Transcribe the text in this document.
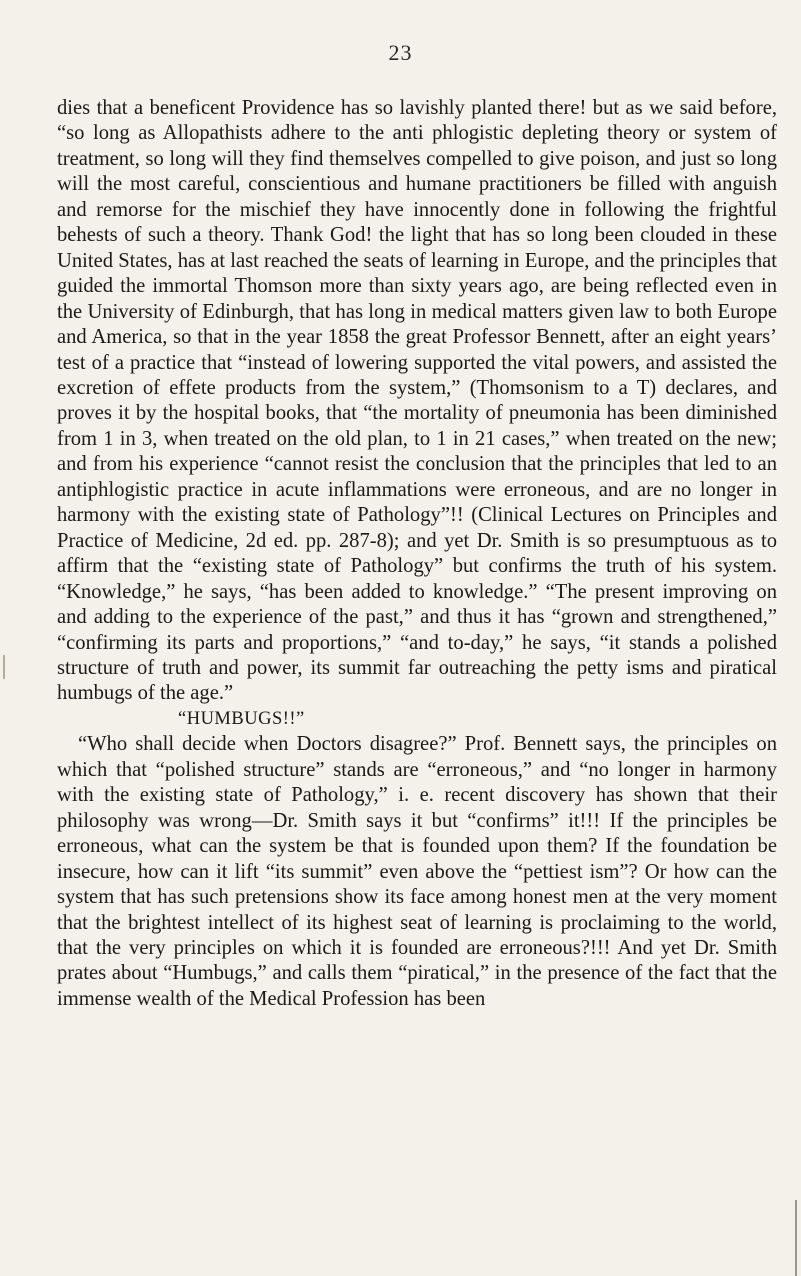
23

dies that a beneficent Providence has so lavishly planted there! but as we said before, “so long as Allopathists adhere to the anti phlogistic depleting theory or system of treatment, so long will they find themselves compelled to give poison, and just so long will the most careful, conscientious and humane practitioners be filled with anguish and remorse for the mischief they have innocently done in following the frightful behests of such a theory. Thank God! the light that has so long been clouded in these United States, has at last reached the seats of learning in Europe, and the principles that guided the immortal Thomson more than sixty years ago, are being reflected even in the University of Edinburgh, that has long in medical matters given law to both Europe and America, so that in the year 1858 the great Professor Bennett, after an eight years’ test of a practice that “instead of lowering supported the vital powers, and assisted the excretion of effete products from the system,” (Thomsonism to a T) declares, and proves it by the hospital books, that “the mortality of pneumonia has been diminished from 1 in 3, when treated on the old plan, to 1 in 21 cases,” when treated on the new; and from his experience “cannot resist the conclusion that the principles that led to an antiphlogistic practice in acute inflammations were erroneous, and are no longer in harmony with the existing state of Pathology”!! (Clinical Lectures on Principles and Practice of Medicine, 2d ed. pp. 287-8); and yet Dr. Smith is so presumptuous as to affirm that the “existing state of Pathology” but confirms the truth of his system. “Knowledge,” he says, “has been added to knowledge.” “The present improving on and adding to the experience of the past,” and thus it has “grown and strengthened,” “confirming its parts and proportions,” “and to-day,” he says, “it stands a polished structure of truth and power, its summit far outreaching the petty isms and piratical humbugs of the age.”

“HUMBUGS!!”

“Who shall decide when Doctors disagree?” Prof. Bennett says, the principles on which that “polished structure” stands are “erroneous,” and “no longer in harmony with the existing state of Pathology,” i. e. recent discovery has shown that their philosophy was wrong—Dr. Smith says it but “confirms” it!!! If the principles be erroneous, what can the system be that is founded upon them? If the foundation be insecure, how can it lift “its summit” even above the “pettiest ism”? Or how can the system that has such pretensions show its face among honest men at the very moment that the brightest intellect of its highest seat of learning is proclaiming to the world, that the very principles on which it is founded are erroneous?!!! And yet Dr. Smith prates about “Humbugs,” and calls them “piratical,” in the presence of the fact that the immense wealth of the Medical Profession has been
